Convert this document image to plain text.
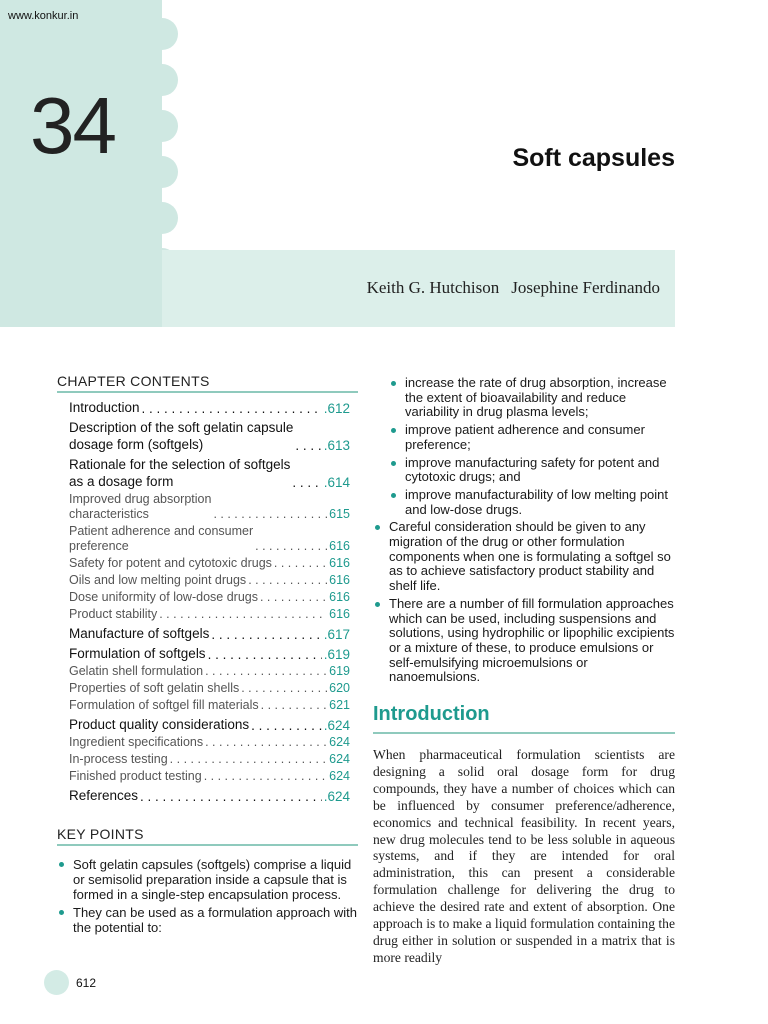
www.konkur.in
34	Soft capsules
Keith G. Hutchison Josephine Ferdinando
CHAPTER CONTENTS
Introduction . . .	.612
Description of the soft gelatin capsule
dosage form (softgels) . . .	.613
Rationale for the selection of softgels
as a dosage form . . .	.614
Improved drug absorption
characteristics . . .	615
Patient adherence and consumer
preference . . .	616
Safety for potent and cytotoxic drugs . . .	616
Oils and low melting point drugs . . .	616
Dose uniformity of low-dose drugs . . .	616
Product stability . . .	616
Manufacture of softgels . . .	.617
Formulation of softgels . . .	.619
Gelatin shell formulation . . .	619
Properties of soft gelatin shells . . .	620
Formulation of softgel fill materials . . .	621
Product quality considerations . . .	.624
Ingredient specifications . . .	624
In-process testing . . .	624
Finished product testing . . .	624
References . . .	.624
KEY POINTS
Soft gelatin capsules (softgels) comprise a liquid or semisolid preparation inside a capsule that is formed in a single-step encapsulation process.
They can be used as a formulation approach with the potential to:
increase the rate of drug absorption, increase the extent of bioavailability and reduce variability in drug plasma levels;
improve patient adherence and consumer preference;
improve manufacturing safety for potent and cytotoxic drugs; and
improve manufacturability of low melting point and low-dose drugs.
Careful consideration should be given to any migration of the drug or other formulation components when one is formulating a softgel so as to achieve satisfactory product stability and shelf life.
There are a number of fill formulation approaches which can be used, including suspensions and solutions, using hydrophilic or lipophilic excipients or a mixture of these, to produce emulsions or self-emulsifying microemulsions or nanoemulsions.
Introduction
When pharmaceutical formulation scientists are designing a solid oral dosage form for drug compounds, they have a number of choices which can be influenced by consumer preference/adherence, economics and technical feasibility. In recent years, new drug molecules tend to be less soluble in aqueous systems, and if they are intended for oral administration, this can present a considerable formulation challenge for delivering the drug to achieve the desired rate and extent of absorption. One approach is to make a liquid formulation containing the drug either in solution or suspended in a matrix that is more readily
612
